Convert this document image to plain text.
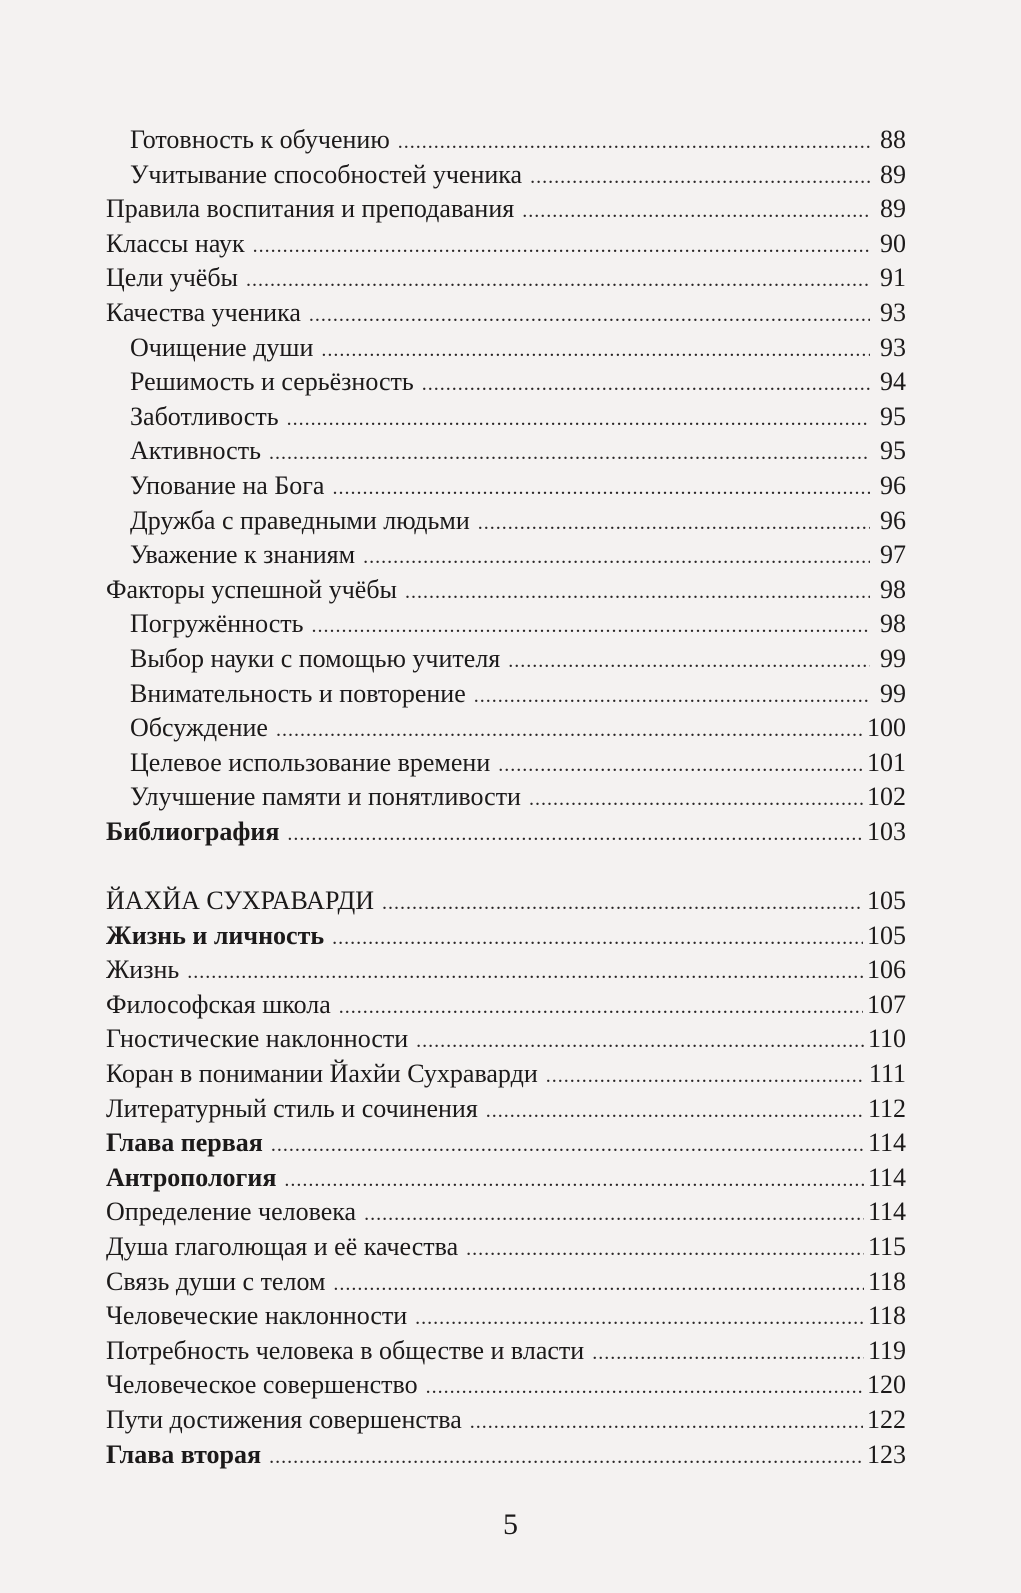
Готовность к обучению .....	88
Учитывание способностей ученика .....	89
Правила воспитания и преподавания .....	89
Классы наук .....	90
Цели учёбы .....	91
Качества ученика .....	93
Очищение души .....	93
Решимость и серьёзность .....	94
Заботливость .....	95
Активность .....	95
Упование на Бога .....	96
Дружба с праведными людьми .....	96
Уважение к знаниям .....	97
Факторы успешной учёбы .....	98
Погружённость .....	98
Выбор науки с помощью учителя .....	99
Внимательность и повторение .....	99
Обсуждение .....	100
Целевое использование времени .....	101
Улучшение памяти и понятливости .....	102
Библиография .....	103
ЙАХЙА СУХРАВАРДИ .....	105
Жизнь и личность .....	105
Жизнь .....	106
Философская школа .....	107
Гностические наклонности .....	110
Коран в понимании Йахйи Сухраварди .....	111
Литературный стиль и сочинения .....	112
Глава первая .....	114
Антропология .....	114
Определение человека .....	114
Душа глаголющая и её качества .....	115
Связь души с телом .....	118
Человеческие наклонности .....	118
Потребность человека в обществе и власти .....	119
Человеческое совершенство .....	120
Пути достижения совершенства .....	122
Глава вторая .....	123
5
